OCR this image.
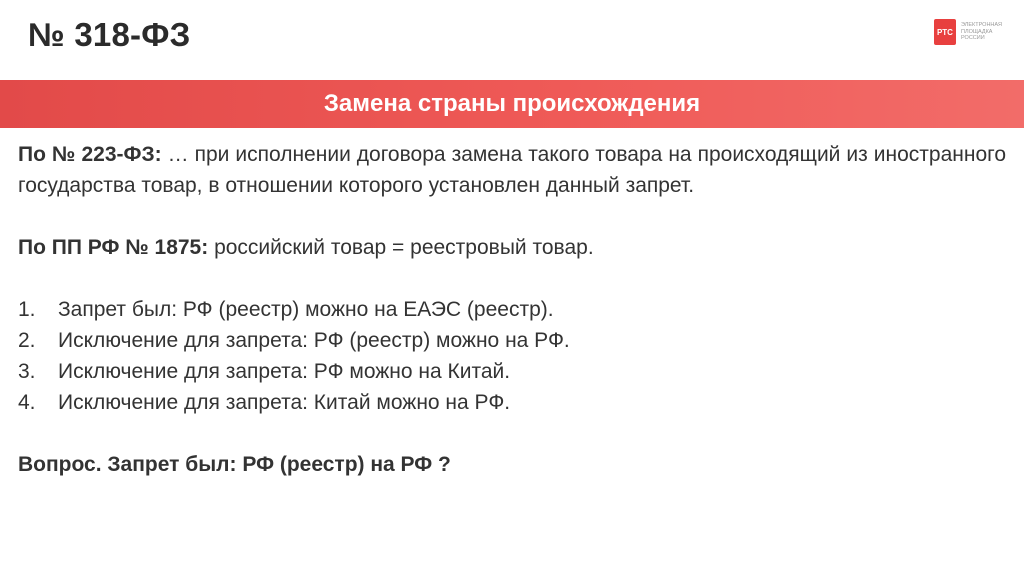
№ 318-ФЗ	РТС
ЭЛЕКТРОННАЯ
ПЛОЩАДКА
РОССИИ
Замена страны происхождения

По № 223-ФЗ: … при исполнении договора замена такого товара на происходящий из иностранного государства товар, в отношении которого установлен данный запрет.

По ПП РФ № 1875: российский товар = реестровый товар.

1.	Запрет был: РФ (реестр) можно на ЕАЭС (реестр).
2.	Исключение для запрета: РФ (реестр) можно на РФ.
3.	Исключение для запрета: РФ можно на Китай.
4.	Исключение для запрета: Китай можно на РФ.

Вопрос. Запрет был: РФ (реестр) на РФ ?
